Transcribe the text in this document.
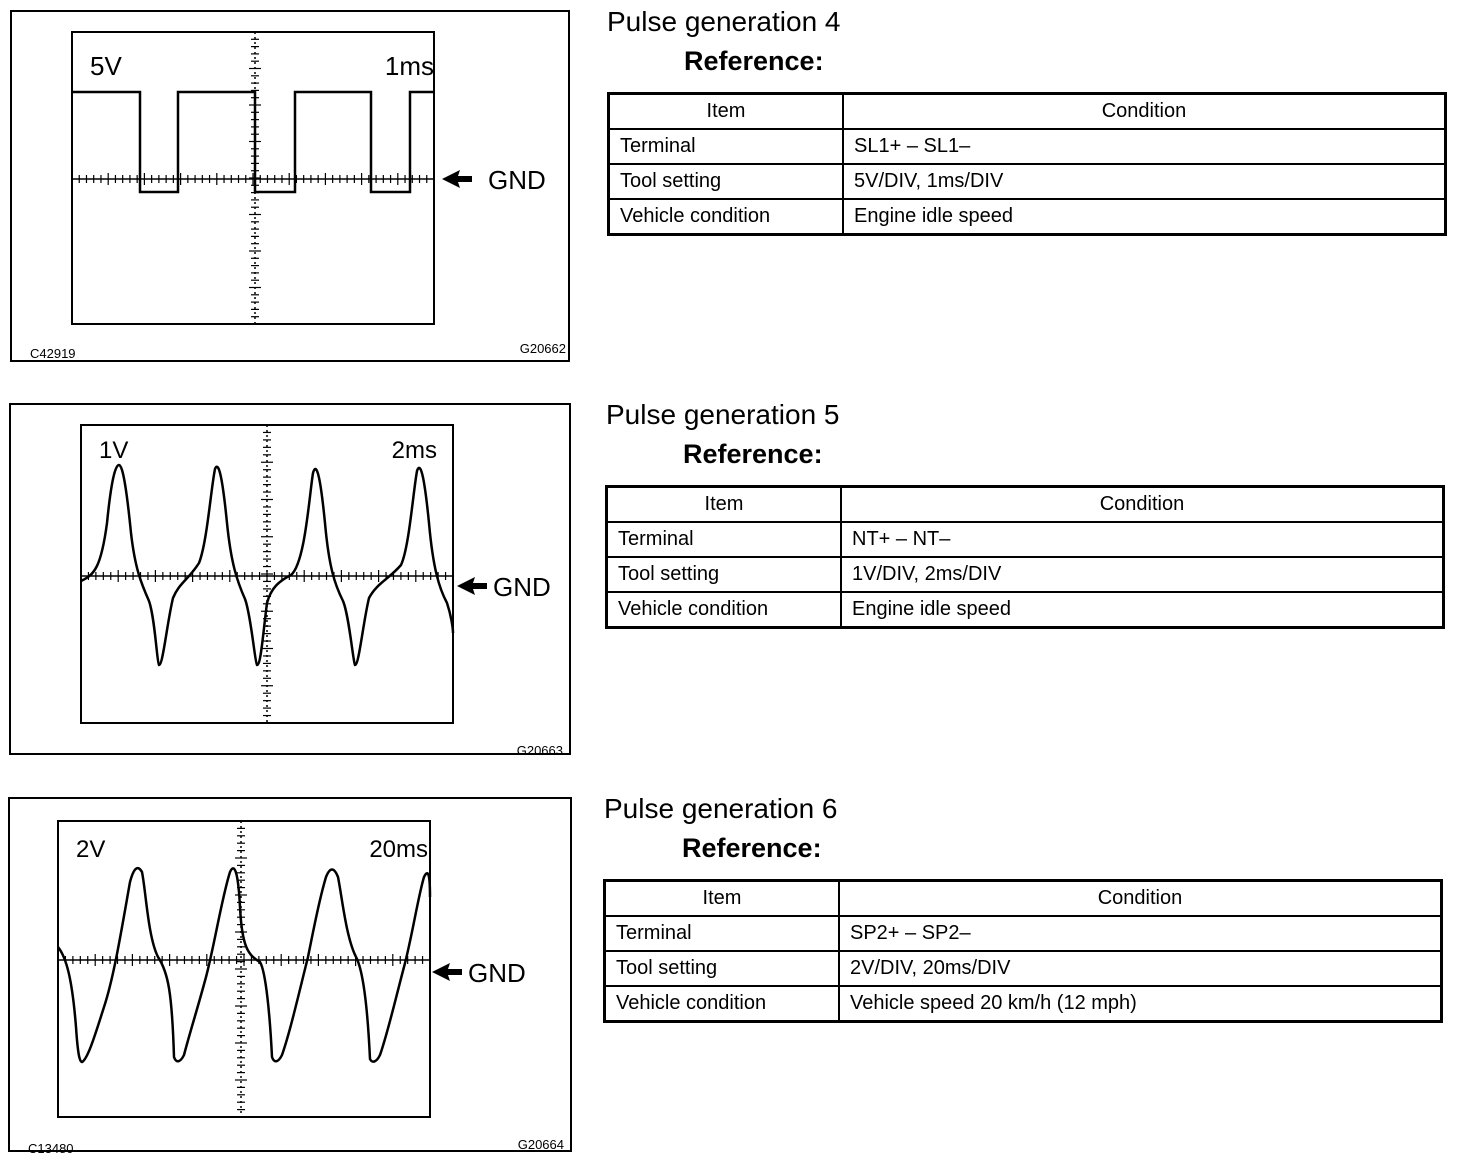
5V	1ms
GND
C42919	G20662
Pulse generation 4
Reference:
Item	Condition
Terminal	SL1+ – SL1–
Tool setting	5V/DIV, 1ms/DIV
Vehicle condition	Engine idle speed
1V	2ms
GND
G20663
Pulse generation 5
Reference:
Item	Condition
Terminal	NT+ – NT–
Tool setting	1V/DIV, 2ms/DIV
Vehicle condition	Engine idle speed
2V	20ms
GND
C13480	G20664
Pulse generation 6
Reference:
Item	Condition
Terminal	SP2+ – SP2–
Tool setting	2V/DIV, 20ms/DIV
Vehicle condition	Vehicle speed 20 km/h (12 mph)
